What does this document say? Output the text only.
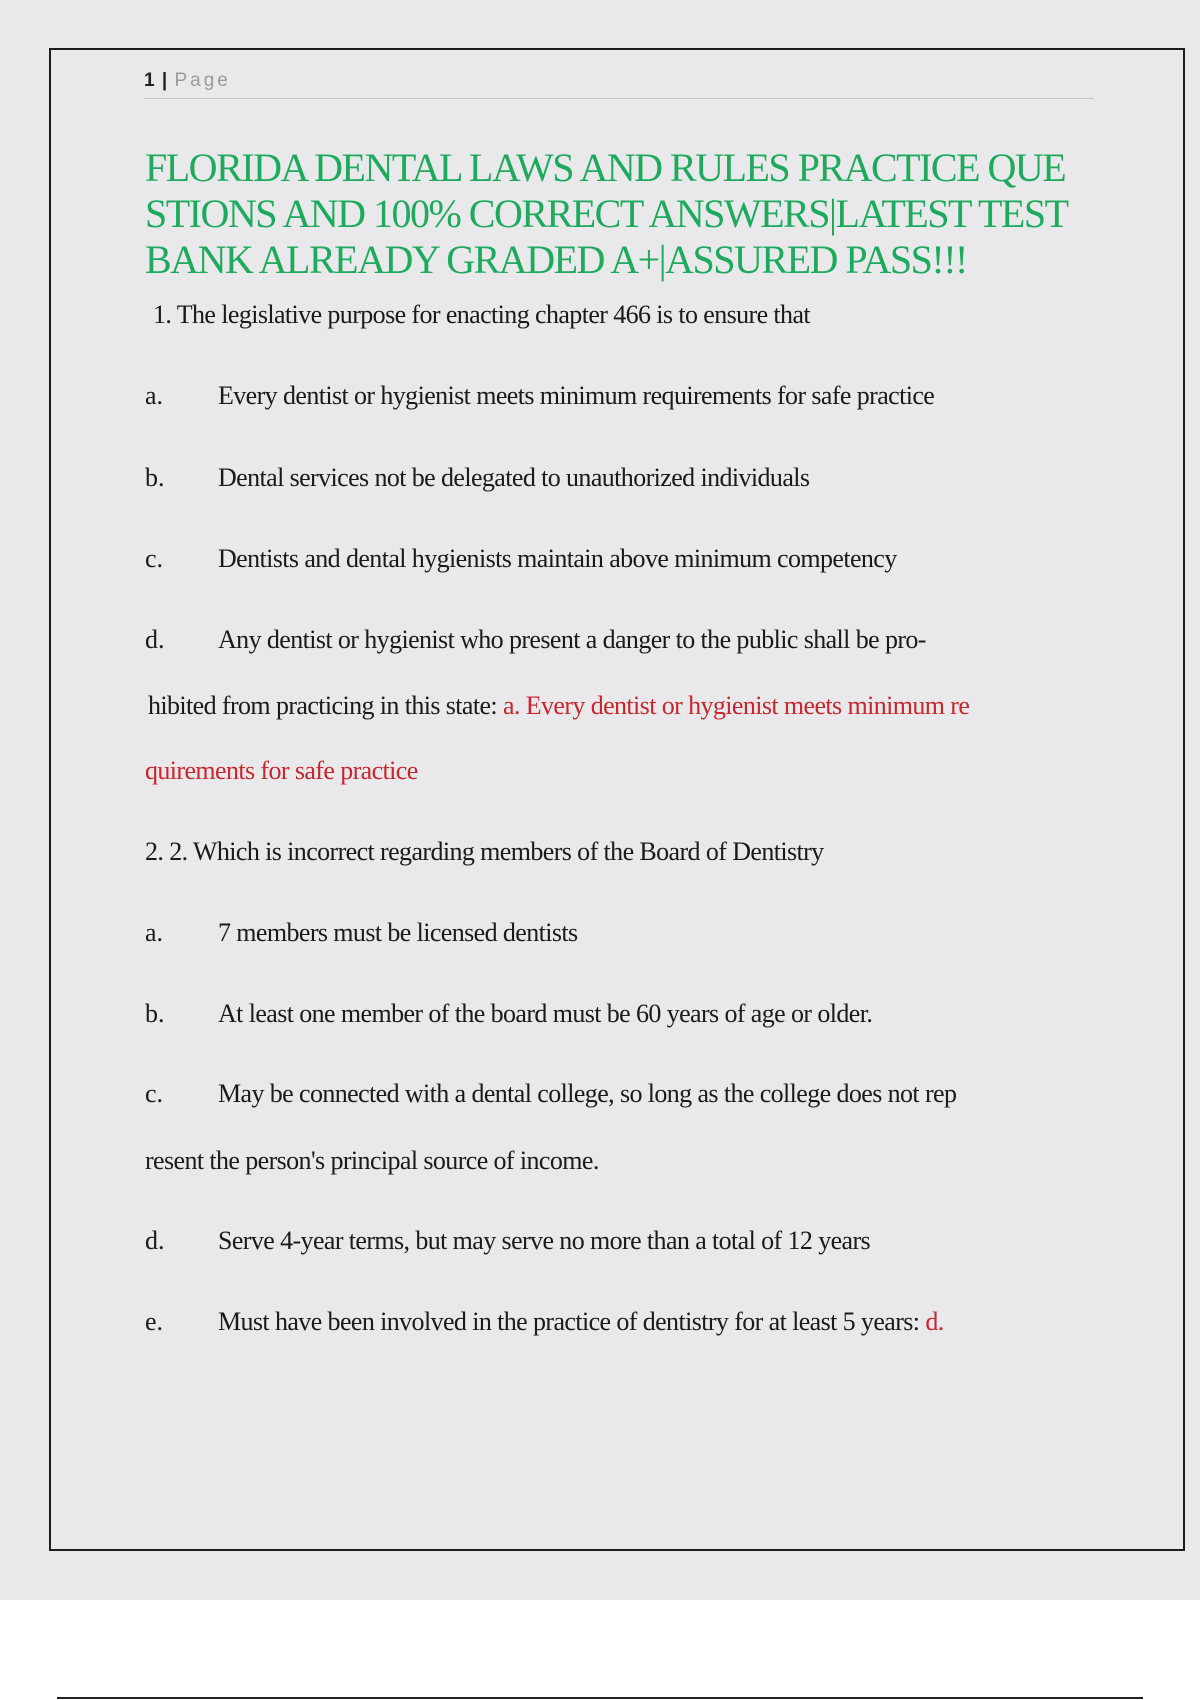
1 | Page
FLORIDA DENTAL LAWS AND RULES PRACTICE QUE
STIONS AND 100% CORRECT ANSWERS|LATEST TEST
BANK ALREADY GRADED A+|ASSURED PASS!!!
1. The legislative purpose for enacting chapter 466 is to ensure that
a. Every dentist or hygienist meets minimum requirements for safe practice
b. Dental services not be delegated to unauthorized individuals
c. Dentists and dental hygienists maintain above minimum competency
d. Any dentist or hygienist who present a danger to the public shall be pro-
hibited from practicing in this state: a. Every dentist or hygienist meets minimum re
quirements for safe practice
2. 2. Which is incorrect regarding members of the Board of Dentistry
a. 7 members must be licensed dentists
b. At least one member of the board must be 60 years of age or older.
c. May be connected with a dental college, so long as the college does not rep
resent the person's principal source of income.
d. Serve 4-year terms, but may serve no more than a total of 12 years
e. Must have been involved in the practice of dentistry for at least 5 years: d.
